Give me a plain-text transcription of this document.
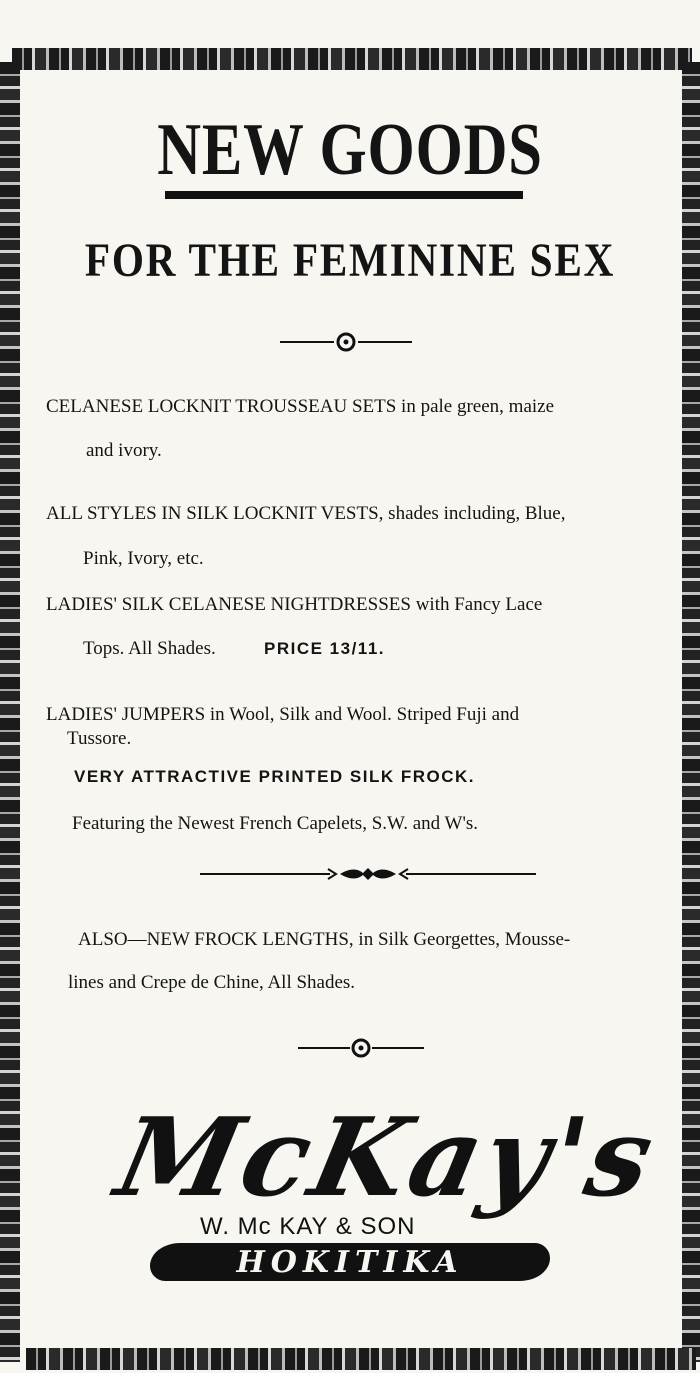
NEW GOODS
FOR THE FEMININE SEX
CELANESE LOCKNIT TROUSSEAU SETS in pale green, maize
and ivory.
ALL STYLES IN SILK LOCKNIT VESTS, shades including, Blue,
Pink, Ivory, etc.
LADIES' SILK CELANESE NIGHTDRESSES with Fancy Lace
Tops. All Shades.	PRICE 13/11.
LADIES' JUMPERS in Wool, Silk and Wool. Striped Fuji and
Tussore.
VERY ATTRACTIVE PRINTED SILK FROCK.
Featuring the Newest French Capelets, S.W. and W's.
ALSO—NEW FROCK LENGTHS, in Silk Georgettes, Mousse-
lines and Crepe de Chine, All Shades.
McKay's
W. Mc KAY & SON
HOKITIKA
